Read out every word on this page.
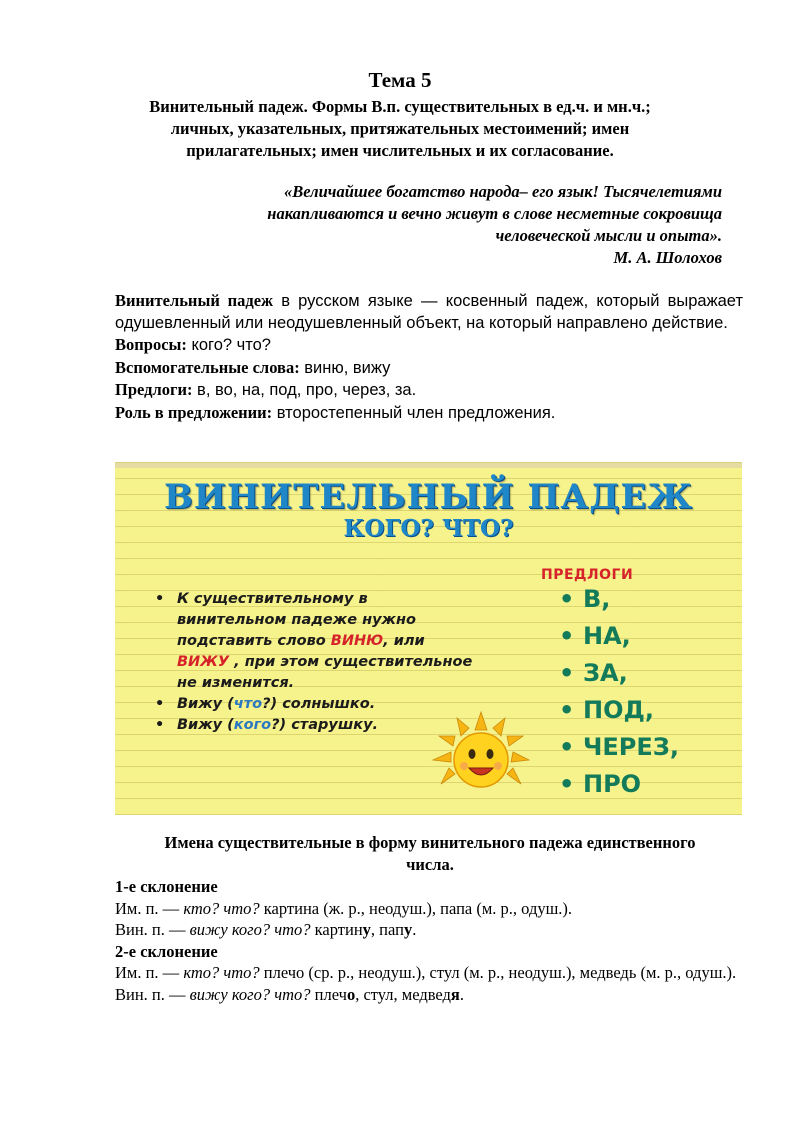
Тема 5
Винительный падеж. Формы В.п. существительных в ед.ч. и мн.ч.;
личных, указательных, притяжательных местоимений; имен
прилагательных; имен числительных и их согласование.
«Величайшее богатство народа– его язык! Тысячелетиями
накапливаются и вечно живут в слове несметные сокровища
человеческой мысли и опыта».
М. А. Шолохов
Винительный падеж в русском языке — косвенный падеж, который выражает одушевленный или неодушевленный объект, на который направлено действие.
Вопросы: кого? что?
Вспомогательные слова: виню, вижу
Предлоги: в, во, на, под, про, через, за.
Роль в предложении: второстепенный член предложения.
ВИНИТЕЛЬНЫЙ ПАДЕЖ
КОГО? ЧТО?
• К существительному в винительном падеже нужно подставить слово ВИНЮ, или ВИЖУ , при этом существительное не изменится.
• Вижу (что?) солнышко.
• Вижу (кого?) старушку.
ПРЕДЛОГИ
• В,
• НА,
• ЗА,
• ПОД,
• ЧЕРЕЗ,
• ПРО
Имена существительные в форму винительного падежа единственного
числа.
1-е склонение
Им. п. — кто? что? картина (ж. р., неодуш.), папа (м. р., одуш.).
Вин. п. — вижу кого? что? картину, папу.
2-е склонение
Им. п. — кто? что? плечо (ср. р., неодуш.), стул (м. р., неодуш.), медведь (м. р., одуш.).
Вин. п. — вижу кого? что? плечо, стул, медведя.
